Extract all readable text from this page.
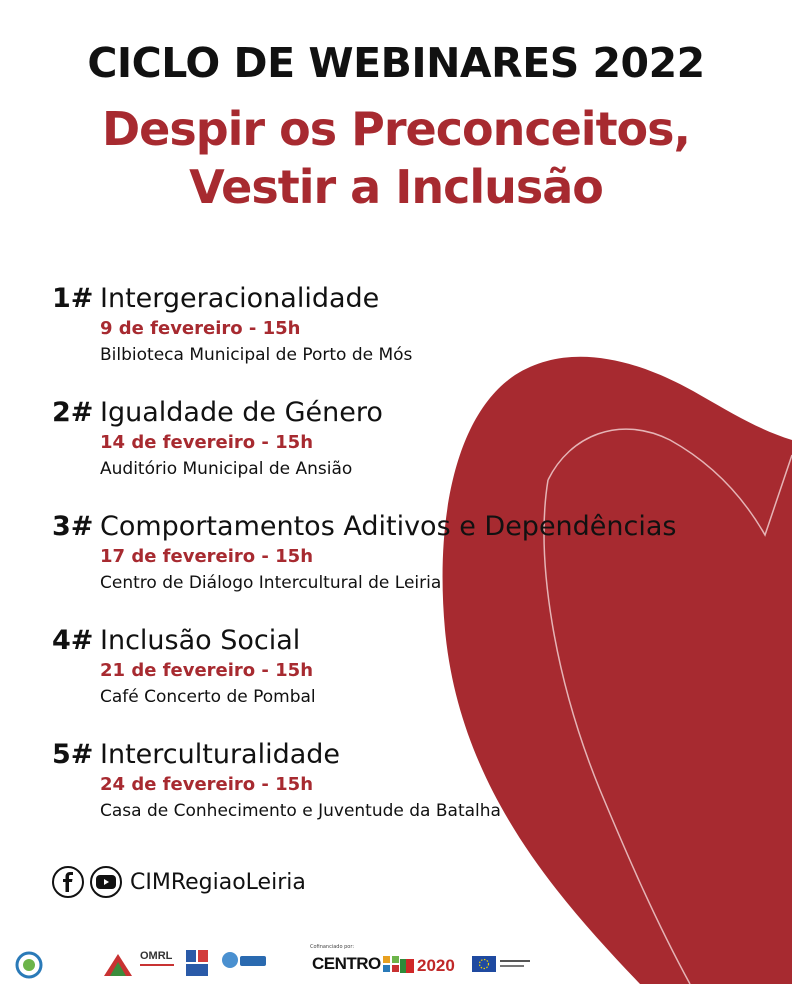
CICLO DE WEBINARES 2022

Despir os Preconceitos,

Vestir a Inclusão

1# Intergeracionalidade
9 de fevereiro - 15h
Bilbioteca Municipal de Porto de Mós
2# Igualdade de Género
14 de fevereiro - 15h
Auditório Municipal de Ansião
3# Comportamentos Aditivos e Dependências
17 de fevereiro - 15h
Centro de Diálogo Intercultural de Leiria
4# Inclusão Social
21 de fevereiro - 15h
Café Concerto de Pombal
5# Interculturalidade
24 de fevereiro - 15h
Casa de Conhecimento e Juventude da Batalha
CIMRegiaoLeiria
OMRL
Cofinanciado por:
CENTRO 2020
